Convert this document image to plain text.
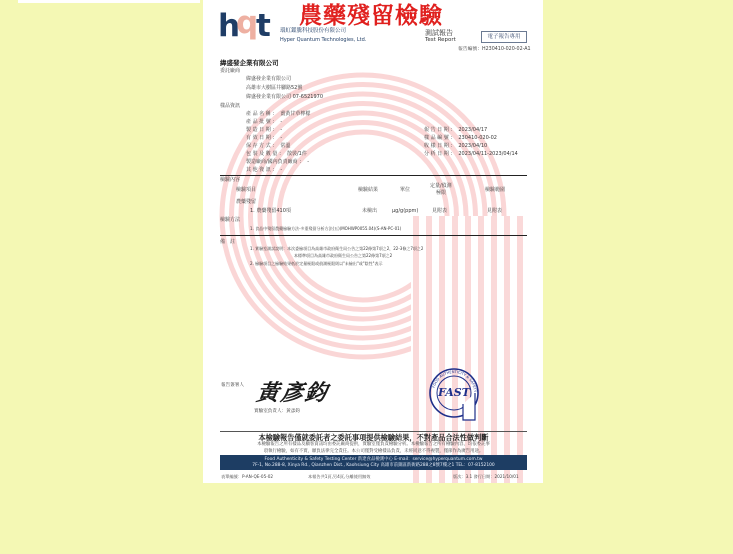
農藥殘留檢驗
h
q
t 環虹鑑騰科技股份有限公司
Hyper Quantum Technologies, Ltd.
測試報告
Test Report	電子報告專用
報告編號：H230410-020-02-A1
緯盛發企業有限公司
委託廠商
緯盛發企業有限公司
高雄市大樹區井腳路52號
緯盛發企業有限公司 07-6521970
樣品資訊
產 品 名 稱 ： 薑黃甘草檸檬
產 品 批 號 ： -
製 造 日 期 ： -
有 效 日 期 ： -
保 存 方 式 ： 常溫
包 裝 及 數 量 ： 散裝/1件
製造廠商/國內負責廠商 ： -
其 他 資 訊 ： -
報 告 日 期 ： 2023/04/17
樣 品 編 號 ： 230410-020-02
收 樣 日 期 ： 2023/04/10
分 析 日 期 ： 2023/04/11-2023/04/14
檢驗內容
檢驗項目	檢驗結果	單位
定量/偵測
極限	檢驗範圍
農藥殘留
1. 農藥殘留410項	未檢出	μg/g(ppm)	見附表	見附表
檢驗方法
1. 食品中殘留農藥檢驗方法-多重殘留分析方法(五)(MOHWP0055.04)(S-AN-PC-01)
備　註
1. 實驗室測試說明：本次委檢項目為高雄市政府衛生局公告之第22條第7項之2，22-3條之7項之2
本標準項目為高雄市政府衛生局公告之第22條第7項之2
2. 檢驗項目之檢驗結果低於定量極限或偵測極限則以"未檢出"或"陰性"表示
報告簽署人 黃彥鈞
實驗室負責人：黃彥鈞
FOOD AUTHENTICITY & SAFETY
FAST
本檢驗報告僅就委託者之委託事項提供檢驗結果，不對產品合法性做判斷
本檢驗報告之所有樣品及顧客資訊均由委託廠商提供，實驗室僅負責檢驗分析。本檢驗報告之所有檢驗內容，均依委託事
項執行檢驗，如有不實，願負法律完全責任。本公司僅對受檢樣品負責，未經同意不得複製，僅節作為廣告用途。
Food Authenticity & Safety Testing Center 新達食品檢測中心 E-mail：service@hyperquantum.com.tw
7F-1, No.288-8, Xinya Rd., Qianzhen Dist., Kaohsiung City 高雄市前鎮區新衙路288之8號7樓之1 TEL：07-8152100
表單編號：P-AN-QE-05-02	本報告共1頁,另4頁,分離使用無效	版次：3.1 發行日期：2021/10/01
